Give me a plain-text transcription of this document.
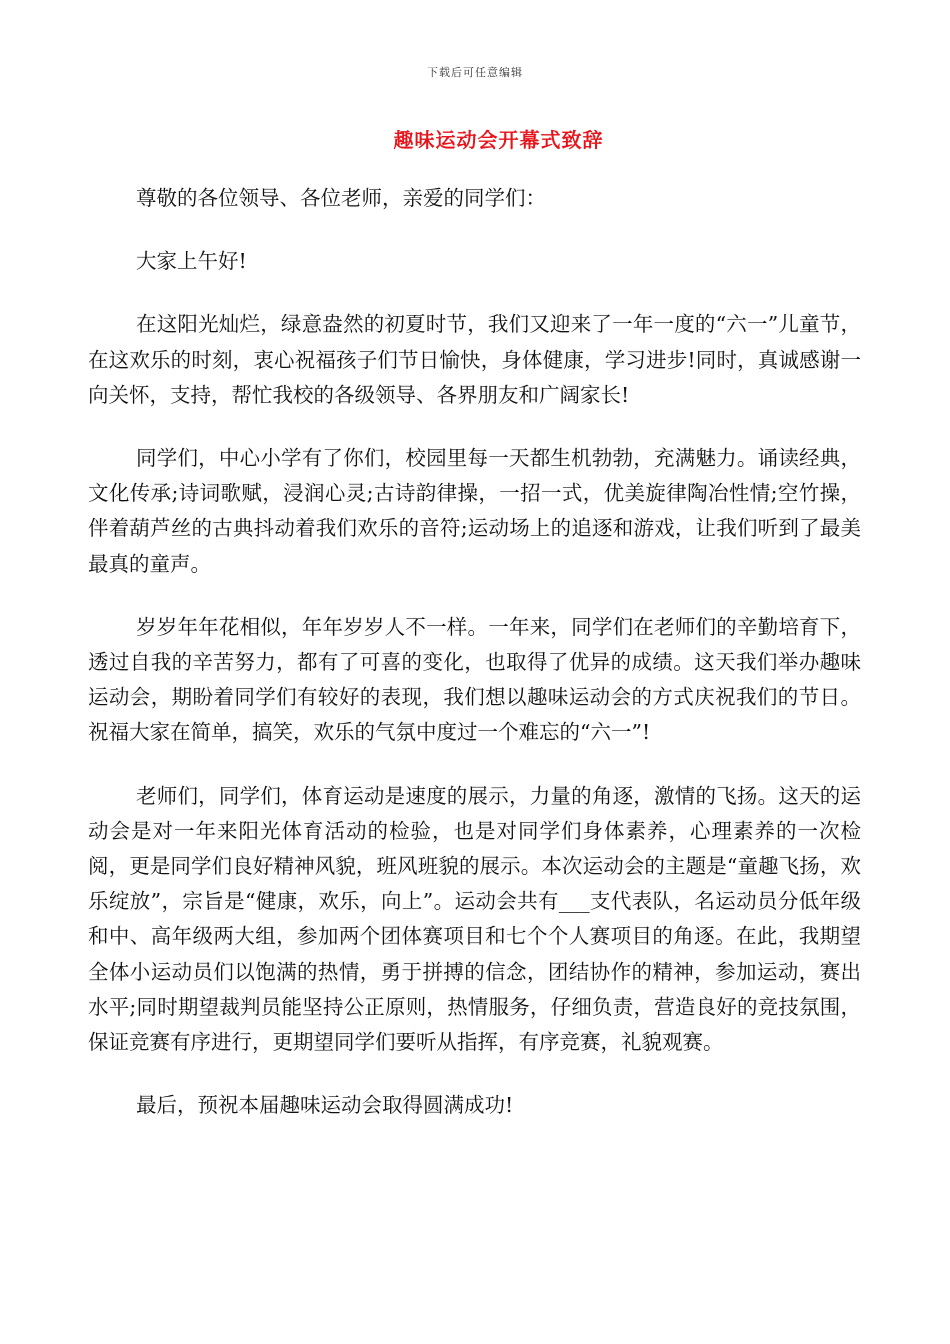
下载后可任意编辑
趣味运动会开幕式致辞

尊敬的各位领导、各位老师，亲爱的同学们：

大家上午好!

在这阳光灿烂，绿意盎然的初夏时节，我们又迎来了一年一度的“六一”儿童节，在这欢乐的时刻，衷心祝福孩子们节日愉快，身体健康，学习进步!同时，真诚感谢一向关怀，支持，帮忙我校的各级领导、各界朋友和广阔家长!

同学们，中心小学有了你们，校园里每一天都生机勃勃，充满魅力。诵读经典，文化传承;诗词歌赋，浸润心灵;古诗韵律操，一招一式，优美旋律陶冶性情;空竹操，伴着葫芦丝的古典抖动着我们欢乐的音符;运动场上的追逐和游戏，让我们听到了最美最真的童声。

岁岁年年花相似，年年岁岁人不一样。一年来，同学们在老师们的辛勤培育下，透过自我的辛苦努力，都有了可喜的变化，也取得了优异的成绩。这天我们举办趣味运动会，期盼着同学们有较好的表现，我们想以趣味运动会的方式庆祝我们的节日。祝福大家在简单，搞笑，欢乐的气氛中度过一个难忘的“六一”!

老师们，同学们，体育运动是速度的展示，力量的角逐，激情的飞扬。这天的运动会是对一年来阳光体育活动的检验，也是对同学们身体素养，心理素养的一次检阅，更是同学们良好精神风貌，班风班貌的展示。本次运动会的主题是“童趣飞扬，欢乐绽放”，宗旨是“健康，欢乐，向上”。运动会共有___支代表队，名运动员分低年级和中、高年级两大组，参加两个团体赛项目和七个个人赛项目的角逐。在此，我期望全体小运动员们以饱满的热情，勇于拼搏的信念，团结协作的精神，参加运动，赛出水平;同时期望裁判员能坚持公正原则，热情服务，仔细负责，营造良好的竞技氛围，保证竞赛有序进行，更期望同学们要听从指挥，有序竞赛，礼貌观赛。

最后，预祝本届趣味运动会取得圆满成功!
